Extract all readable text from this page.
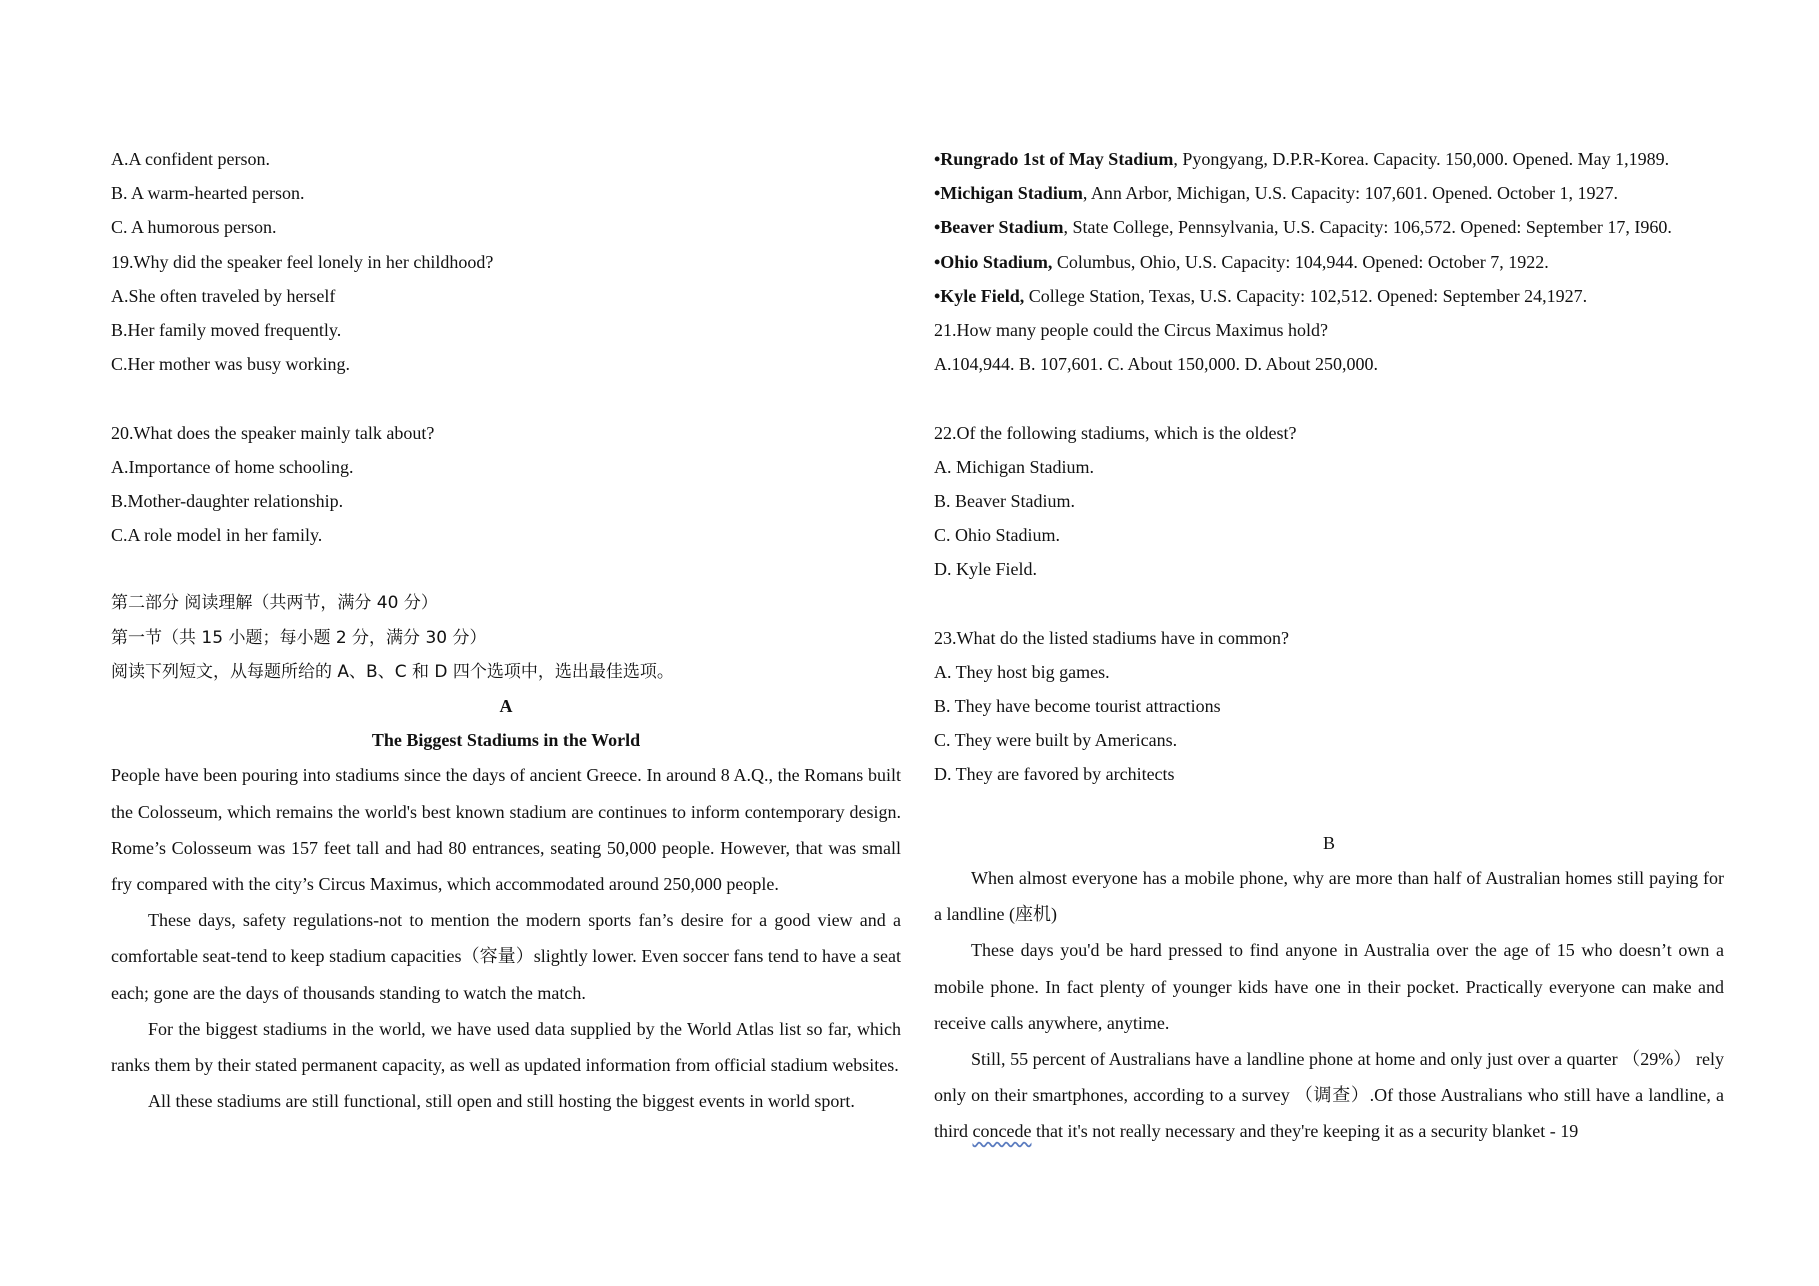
A.A confident person.
B. A warm-hearted person.
C. A humorous person.
19.Why did the speaker feel lonely in her childhood?
A.She often traveled by herself
B.Her family moved frequently.
C.Her mother was busy working.
20.What does the speaker mainly talk about?
A.Importance of home schooling.
B.Mother-daughter relationship.
C.A role model in her family.
第二部分 阅读理解（共两节，满分 40 分）
第一节（共 15 小题；每小题 2 分，满分 30 分）
阅读下列短文，从每题所给的 A、B、C 和 D 四个选项中，选出最佳选项。
A
The Biggest Stadiums in the World

People have been pouring into stadiums since the days of ancient Greece. In around 8 A.Q., the Romans built the Colosseum, which remains the world's best known stadium are continues to inform contemporary design. Rome’s Colosseum was 157 feet tall and had 80 entrances, seating 50,000 people. However, that was small fry compared with the city’s Circus Maximus, which accommodated around 250,000 people.

These days, safety regulations-not to mention the modern sports fan’s desire for a good view and a comfortable seat-tend to keep stadium capacities（容量）slightly lower. Even soccer fans tend to have a seat each; gone are the days of thousands standing to watch the match.

For the biggest stadiums in the world, we have used data supplied by the World Atlas list so far, which ranks them by their stated permanent capacity, as well as updated information from official stadium websites.

All these stadiums are still functional, still open and still hosting the biggest events in world sport.

•Rungrado 1st of May Stadium, Pyongyang, D.P.R-Korea. Capacity. 150,000. Opened. May 1,1989.
•Michigan Stadium, Ann Arbor, Michigan, U.S. Capacity: 107,601. Opened. October 1, 1927.
•Beaver Stadium, State College, Pennsylvania, U.S. Capacity: 106,572. Opened: September 17, I960.
•Ohio Stadium, Columbus, Ohio, U.S. Capacity: 104,944. Opened: October 7, 1922.
•Kyle Field, College Station, Texas, U.S. Capacity: 102,512. Opened: September 24,1927.
21.How many people could the Circus Maximus hold?
A.104,944. B. 107,601. C. About 150,000. D. About 250,000.
22.Of the following stadiums, which is the oldest?
A. Michigan Stadium.
B. Beaver Stadium.
C. Ohio Stadium.
D. Kyle Field.
23.What do the listed stadiums have in common?
A. They host big games.
B. They have become tourist attractions
C. They were built by Americans.
D. They are favored by architects
B

When almost everyone has a mobile phone, why are more than half of Australian homes still paying for a landline (座机)

These days you'd be hard pressed to find anyone in Australia over the age of 15 who doesn’t own a mobile phone. In fact plenty of younger kids have one in their pocket. Practically everyone can make and receive calls anywhere, anytime.

Still, 55 percent of Australians have a landline phone at home and only just over a quarter （29%） rely only on their smartphones, according to a survey （调查）.Of those Australians who still have a landline, a third concede that it's not really necessary and they're keeping it as a security blanket - 19
